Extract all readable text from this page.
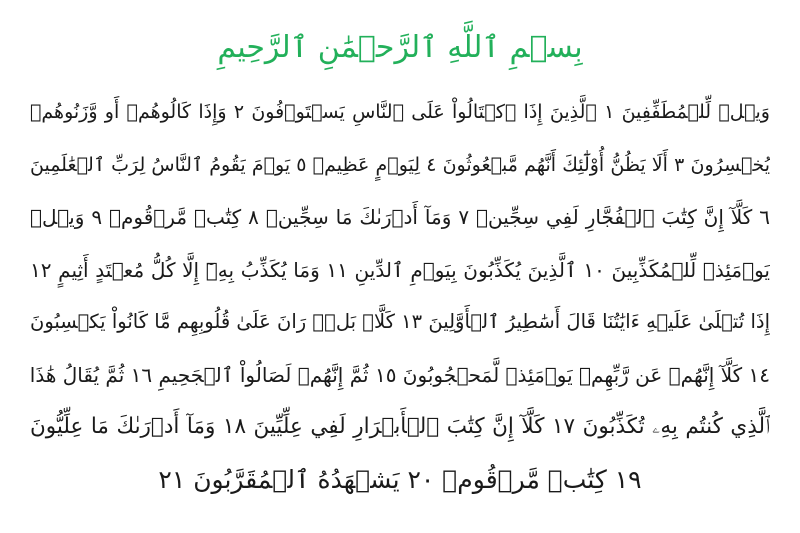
بِسۡمِ ٱللَّهِ ٱلرَّحۡمَٰنِ ٱلرَّحِيمِ
وَيۡلٞ لِّلۡمُطَفِّفِينَ ١ ٱلَّذِينَ إِذَا ٱكۡتَالُواْ عَلَى ٱلنَّاسِ يَسۡتَوۡفُونَ ٢ وَإِذَا كَالُوهُمۡ أَو وَّزَنُوهُمۡ
يُخۡسِرُونَ ٣ أَلَا يَظُنُّ أُوْلَٰٓئِكَ أَنَّهُم مَّبۡعُوثُونَ ٤ لِيَوۡمٍ عَظِيمٖ ٥ يَوۡمَ يَقُومُ ٱلنَّاسُ لِرَبِّ ٱلۡعَٰلَمِينَ
٦ كَلَّآ إِنَّ كِتَٰبَ ٱلۡفُجَّارِ لَفِي سِجِّينٖ ٧ وَمَآ أَدۡرَىٰكَ مَا سِجِّينٞ ٨ كِتَٰبٞ مَّرۡقُومٞ ٩ وَيۡلٞ
يَوۡمَئِذٖ لِّلۡمُكَذِّبِينَ ١٠ ٱلَّذِينَ يُكَذِّبُونَ بِيَوۡمِ ٱلدِّينِ ١١ وَمَا يُكَذِّبُ بِهِۦٓ إِلَّا كُلُّ مُعۡتَدٍ أَثِيمٍ ١٢
إِذَا تُتۡلَىٰ عَلَيۡهِ ءَايَٰتُنَا قَالَ أَسَٰطِيرُ ٱلۡأَوَّلِينَ ١٣ كَلَّاۖ بَلۡۜ رَانَ عَلَىٰ قُلُوبِهِم مَّا كَانُواْ يَكۡسِبُونَ
١٤ كَلَّآ إِنَّهُمۡ عَن رَّبِّهِمۡ يَوۡمَئِذٖ لَّمَحۡجُوبُونَ ١٥ ثُمَّ إِنَّهُمۡ لَصَالُواْ ٱلۡجَحِيمِ ١٦ ثُمَّ يُقَالُ هَٰذَا
ٱلَّذِي كُنتُم بِهِۦ تُكَذِّبُونَ ١٧ كَلَّآ إِنَّ كِتَٰبَ ٱلۡأَبۡرَارِ لَفِي عِلِّيِّينَ ١٨ وَمَآ أَدۡرَىٰكَ مَا عِلِّيُّونَ
١٩ كِتَٰبٞ مَّرۡقُومٞ ٢٠ يَشۡهَدُهُ ٱلۡمُقَرَّبُونَ ٢١
